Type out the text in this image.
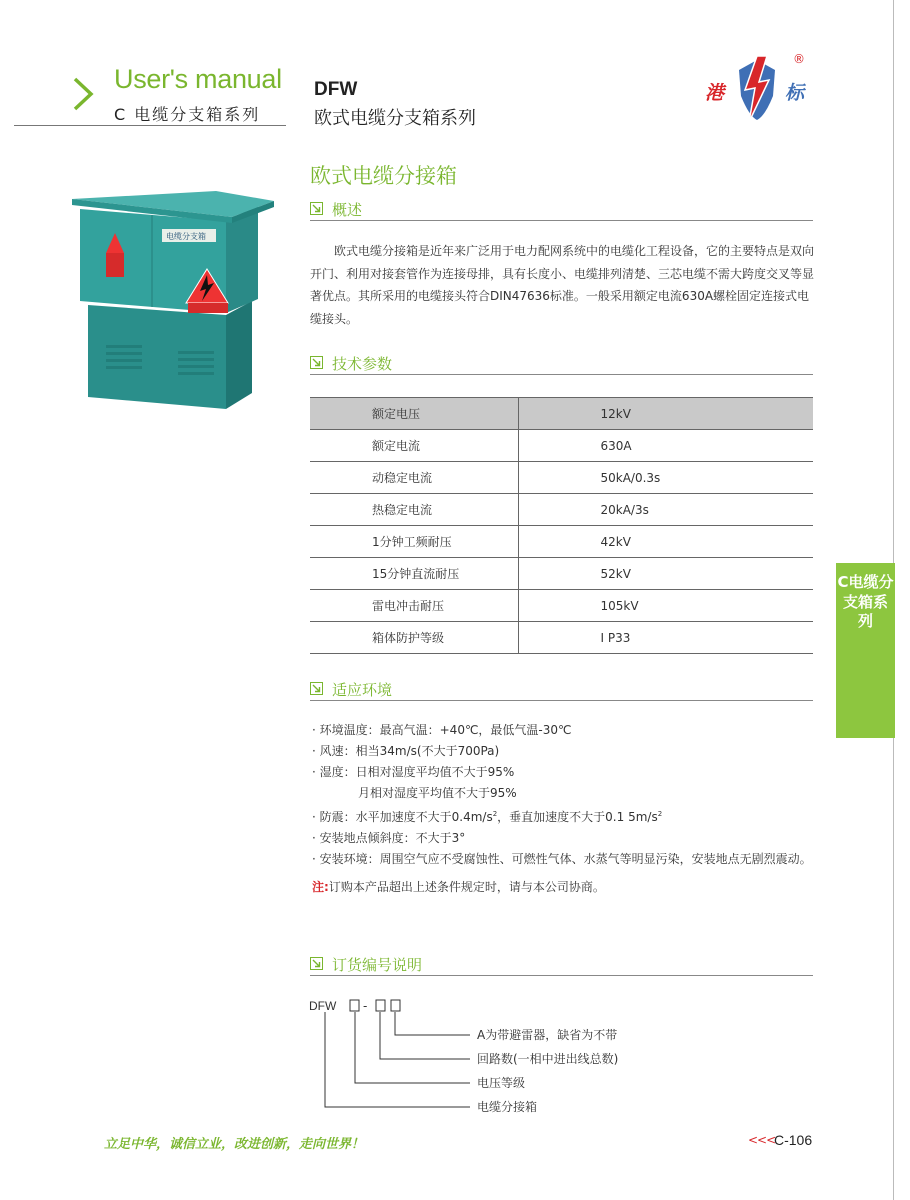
User's manual
C 电缆分支箱系列
DFW
欧式电缆分支箱系列
港	标
®
电缆分支箱
欧式电缆分接箱
概述
欧式电缆分接箱是近年来广泛用于电力配网系统中的电缆化工程设备，它的主要特点是双向开门、利用对接套管作为连接母排，具有长度小、电缆排列清楚、三芯电缆不需大跨度交叉等显著优点。其所采用的电缆接头符合DIN47636标准。一般采用额定电流630A螺栓固定连接式电缆接头。
技术参数
额定电压	12kV
额定电流	630A
动稳定电流	50kA/0.3s
热稳定电流	20kA/3s
1分钟工频耐压	42kV
15分钟直流耐压	52kV
雷电冲击耐压	105kV
箱体防护等级	I P33
适应环境
· 环境温度：最高气温：+40℃，最低气温-30℃
· 风速：相当34m/s(不大于700Pa)
· 湿度：日相对湿度平均值不大于95%
月相对湿度平均值不大于95%
· 防震：水平加速度不大于$0.4m/s^2$，垂直加速度不大于0.1 $5m/s^2$
· 安装地点倾斜度：不大于3°
· 安装环境：周围空气应不受腐蚀性、可燃性气体、水蒸气等明显污染，安装地点无剧烈震动。
注:订购本产品超出上述条件规定时，请与本公司协商。
订货编号说明
DFW -
A为带避雷器，缺省为不带
回路数(一相中进出线总数)
电压等级
电缆分接箱
立足中华，诚信立业，改进创新，走向世界！	<<<
C-106
C电缆分支箱系列
